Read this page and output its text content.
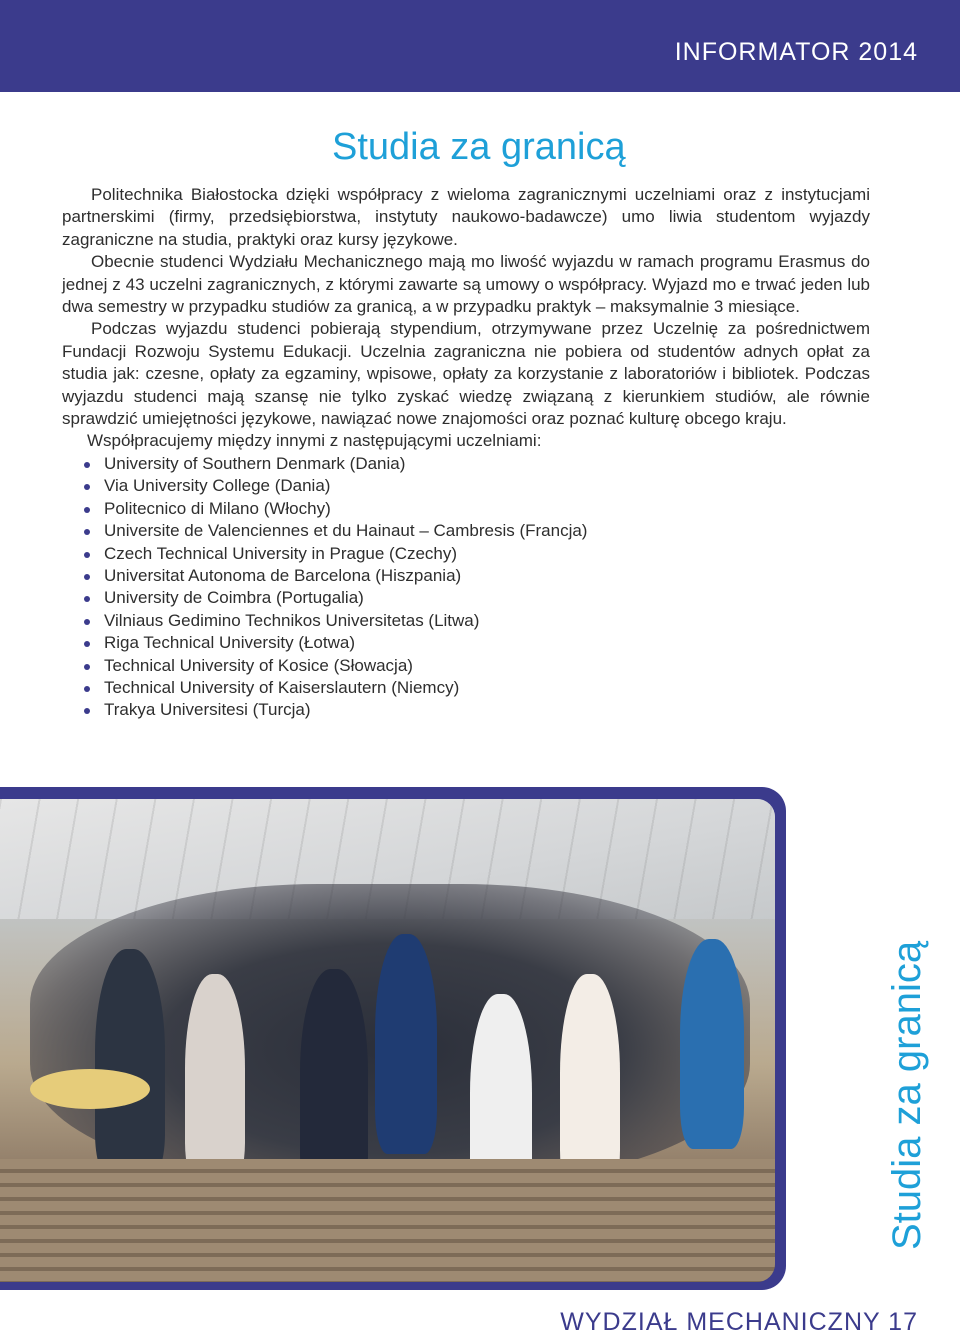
INFORMATOR 2014
Studia za granicą

Politechnika Białostocka dzięki współpracy z wieloma zagranicznymi uczelniami oraz z instytucjami partnerskimi (firmy, przedsiębiorstwa, instytuty naukowo-badawcze) umo liwia studentom wyjazdy zagraniczne na studia, praktyki oraz kursy językowe.

Obecnie studenci Wydziału Mechanicznego mają mo liwość wyjazdu w ramach programu Erasmus do jednej z 43 uczelni zagranicznych, z którymi zawarte są umowy o współpracy. Wyjazd mo e trwać jeden lub dwa semestry w przypadku studiów za granicą, a w przypadku praktyk – maksymalnie 3 miesiące.

Podczas wyjazdu studenci pobierają stypendium, otrzymywane przez Uczelnię za pośrednictwem Fundacji Rozwoju Systemu Edukacji. Uczelnia zagraniczna nie pobiera od studentów adnych opłat za studia jak: czesne, opłaty za egzaminy, wpisowe, opłaty za korzystanie z laboratoriów i bibliotek. Podczas wyjazdu studenci mają szansę nie tylko zyskać wiedzę związaną z kierunkiem studiów, ale równie sprawdzić umiejętności językowe, nawiązać nowe znajomości oraz poznać kulturę obcego kraju.

Współpracujemy między innymi z następującymi uczelniami:
University of Southern Denmark (Dania)
Via University College (Dania)
Politecnico di Milano (Włochy)
Universite de Valenciennes et du Hainaut – Cambresis (Francja)
Czech Technical University in Prague (Czechy)
Universitat Autonoma de Barcelona (Hiszpania)
University de Coimbra (Portugalia)
Vilniaus Gedimino Technikos Universitetas (Litwa)
Riga Technical University (Łotwa)
Technical University of Kosice (Słowacja)
Technical University of Kaiserslautern (Niemcy)
Trakya Universitesi (Turcja)
Studia za granicą
WYDZIAŁ MECHANICZNY 17
